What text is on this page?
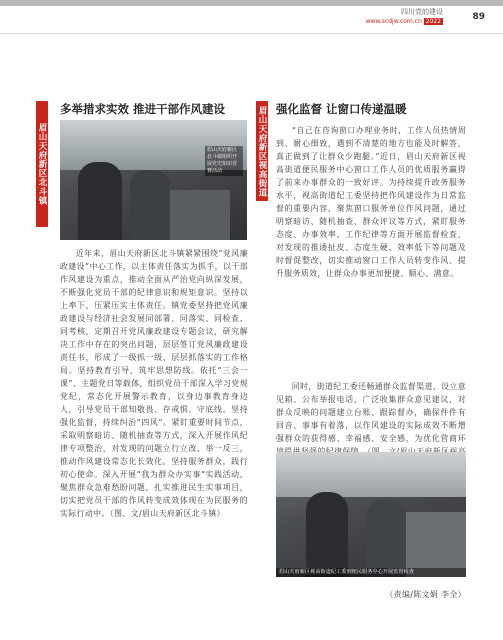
四川党的建设
www.scdjw.com.cn 2022	89
眉山天府新区北斗镇
多举措求实效 推进干部作风建设
眉山天府新区北斗镇组织开展党史知识竞赛活动

近年来，眉山天府新区北斗镇紧紧围绕“党风廉政建设”中心工作，以主体责任落实为抓手，以干部作风建设为重点，推动全面从严治党向纵深发展，不断强化党员干部的纪律意识和规矩意识。坚持以上率下，压紧压实主体责任。镇党委坚持把党风廉政建设与经济社会发展同部署、同落实、同检查、同考核，定期召开党风廉政建设专题会议，研究解决工作中存在的突出问题，层层签订党风廉政建设责任书，形成了一级抓一级、层层抓落实的工作格局。坚持教育引导，筑牢思想防线。依托“三会一课”、主题党日等载体，组织党员干部深入学习党规党纪，常态化开展警示教育，以身边事教育身边人，引导党员干部知敬畏、存戒惧、守底线。坚持强化监督，持续纠治“四风”。紧盯重要时间节点，采取明察暗访、随机抽查等方式，深入开展作风纪律专项整治，对发现的问题立行立改、举一反三，推动作风建设常态化长效化。坚持服务群众，践行初心使命。深入开展“我为群众办实事”实践活动，聚焦群众急难愁盼问题，扎实推进民生实事项目，切实把党员干部的作风转变成效体现在为民服务的实际行动中。（图、文/眉山天府新区北斗镇）

眉山天府新区视高街道 强化监督 让窗口传递温暖

“自己在咨询窗口办理业务时，工作人员热情周到、耐心细致，遇到不清楚的地方也能及时解答，真正做到了让群众少跑腿。”近日，眉山天府新区视高街道便民服务中心窗口工作人员的优质服务赢得了前来办事群众的一致好评。为持续提升政务服务水平，视高街道纪工委坚持把作风建设作为日常监督的重要内容，聚焦窗口服务单位作风问题，通过明察暗访、随机抽查、群众评议等方式，紧盯服务态度、办事效率、工作纪律等方面开展监督检查，对发现的推诿扯皮、态度生硬、效率低下等问题及时督促整改，切实推动窗口工作人员转变作风、提升服务质效，让群众办事更加便捷、顺心、满意。

同时，街道纪工委还畅通群众监督渠道，设立意见箱、公布举报电话，广泛收集群众意见建议，对群众反映的问题建立台账、跟踪督办，确保件件有回音、事事有着落，以作风建设的实际成效不断增强群众的获得感、幸福感、安全感，为优化营商环

眉山天府新区视高街道纪工委到便民服务中心开展监督检查
（责编/陈文娟 李全）
